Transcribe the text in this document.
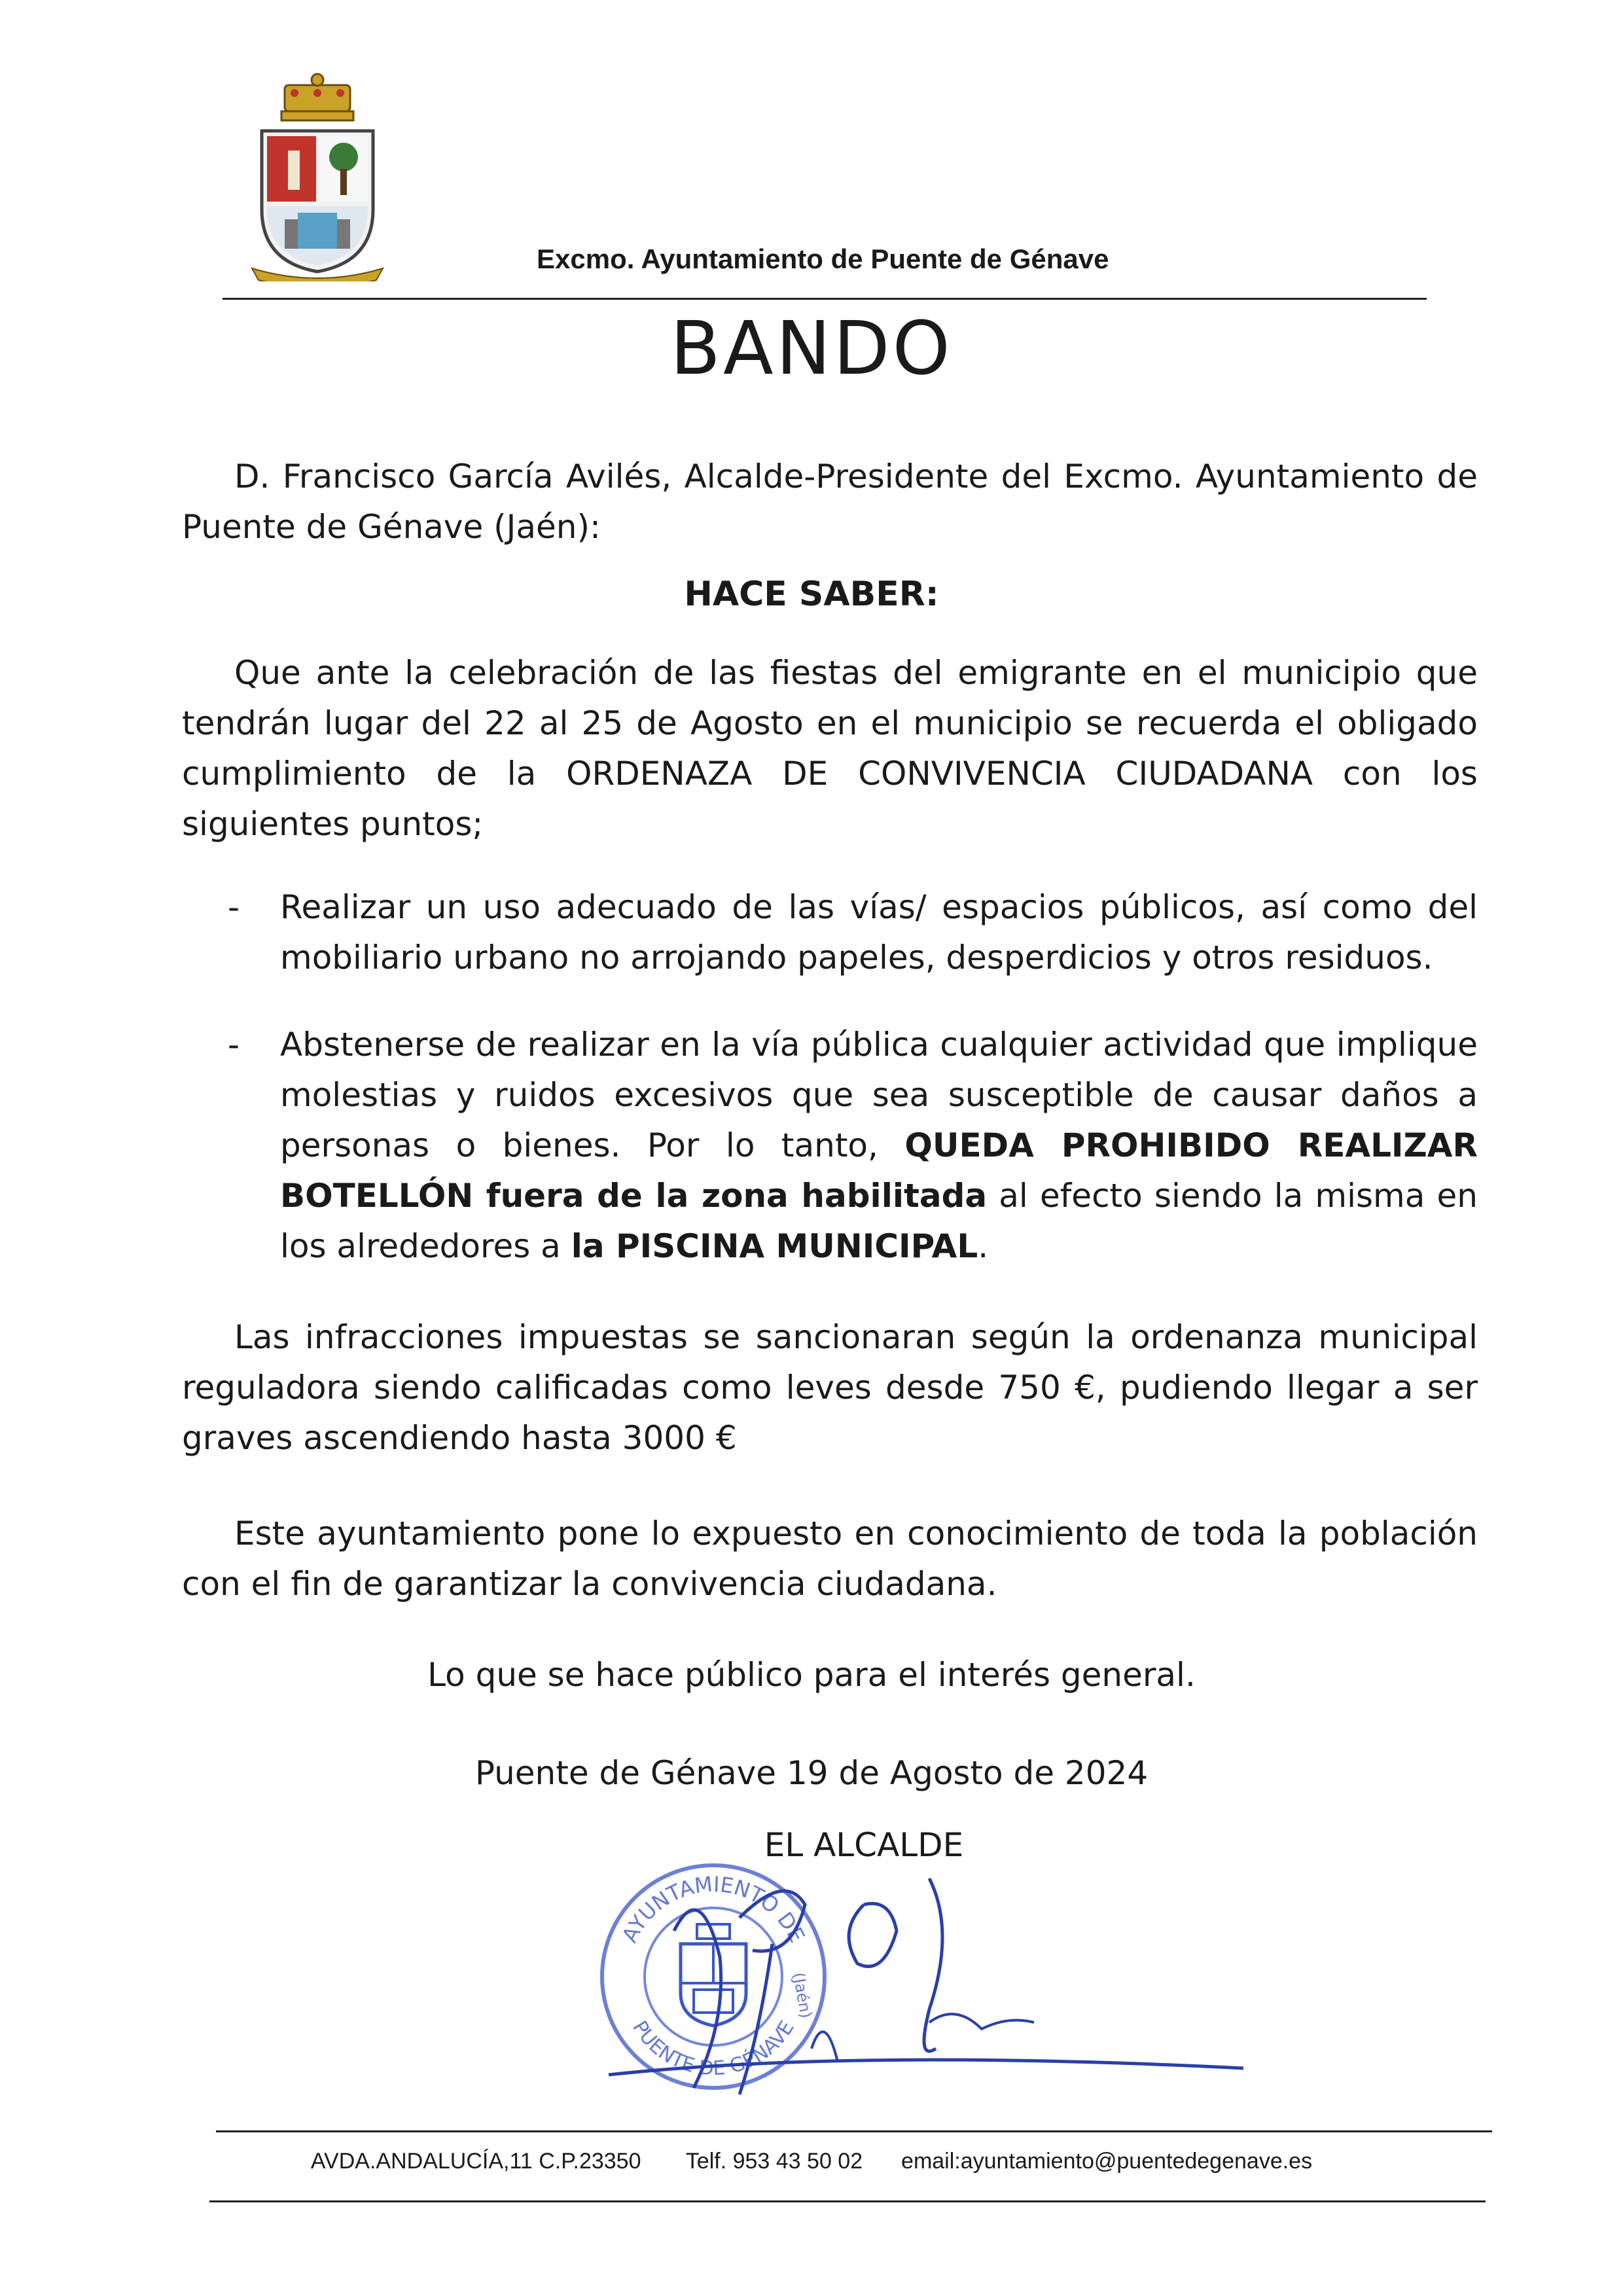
Excmo. Ayuntamiento de Puente de Génave
BANDO
D. Francisco García Avilés, Alcalde-Presidente del Excmo. Ayuntamiento de Puente de Génave (Jaén):
HACE SABER:
Que ante la celebración de las fiestas del emigrante en el municipio que tendrán lugar del 22 al 25 de Agosto en el municipio se recuerda el obligado cumplimiento de la ORDENAZA DE CONVIVENCIA CIUDADANA con los siguientes puntos;
- Realizar un uso adecuado de las vías/ espacios públicos, así como del mobiliario urbano no arrojando papeles, desperdicios y otros residuos.
- Abstenerse de realizar en la vía pública cualquier actividad que implique molestias y ruidos excesivos que sea susceptible de causar daños a personas o bienes. Por lo tanto, QUEDA PROHIBIDO REALIZAR BOTELLÓN fuera de la zona habilitada al efecto siendo la misma en los alrededores a la PISCINA MUNICIPAL.
Las infracciones impuestas se sancionaran según la ordenanza municipal reguladora siendo calificadas como leves desde 750 €, pudiendo llegar a ser graves ascendiendo hasta 3000 €
Este ayuntamiento pone lo expuesto en conocimiento de toda la población con el fin de garantizar la convivencia ciudadana.
Lo que se hace público para el interés general.
Puente de Génave 19 de Agosto de 2024
EL ALCALDE
AYUNTAMIENTO DE
PUENTE DE GÉNAVE
(Jaén)
AVDA.ANDALUCÍA,11 C.P.23350 Telf. 953 43 50 02 email:ayuntamiento@puentedegenave.es
